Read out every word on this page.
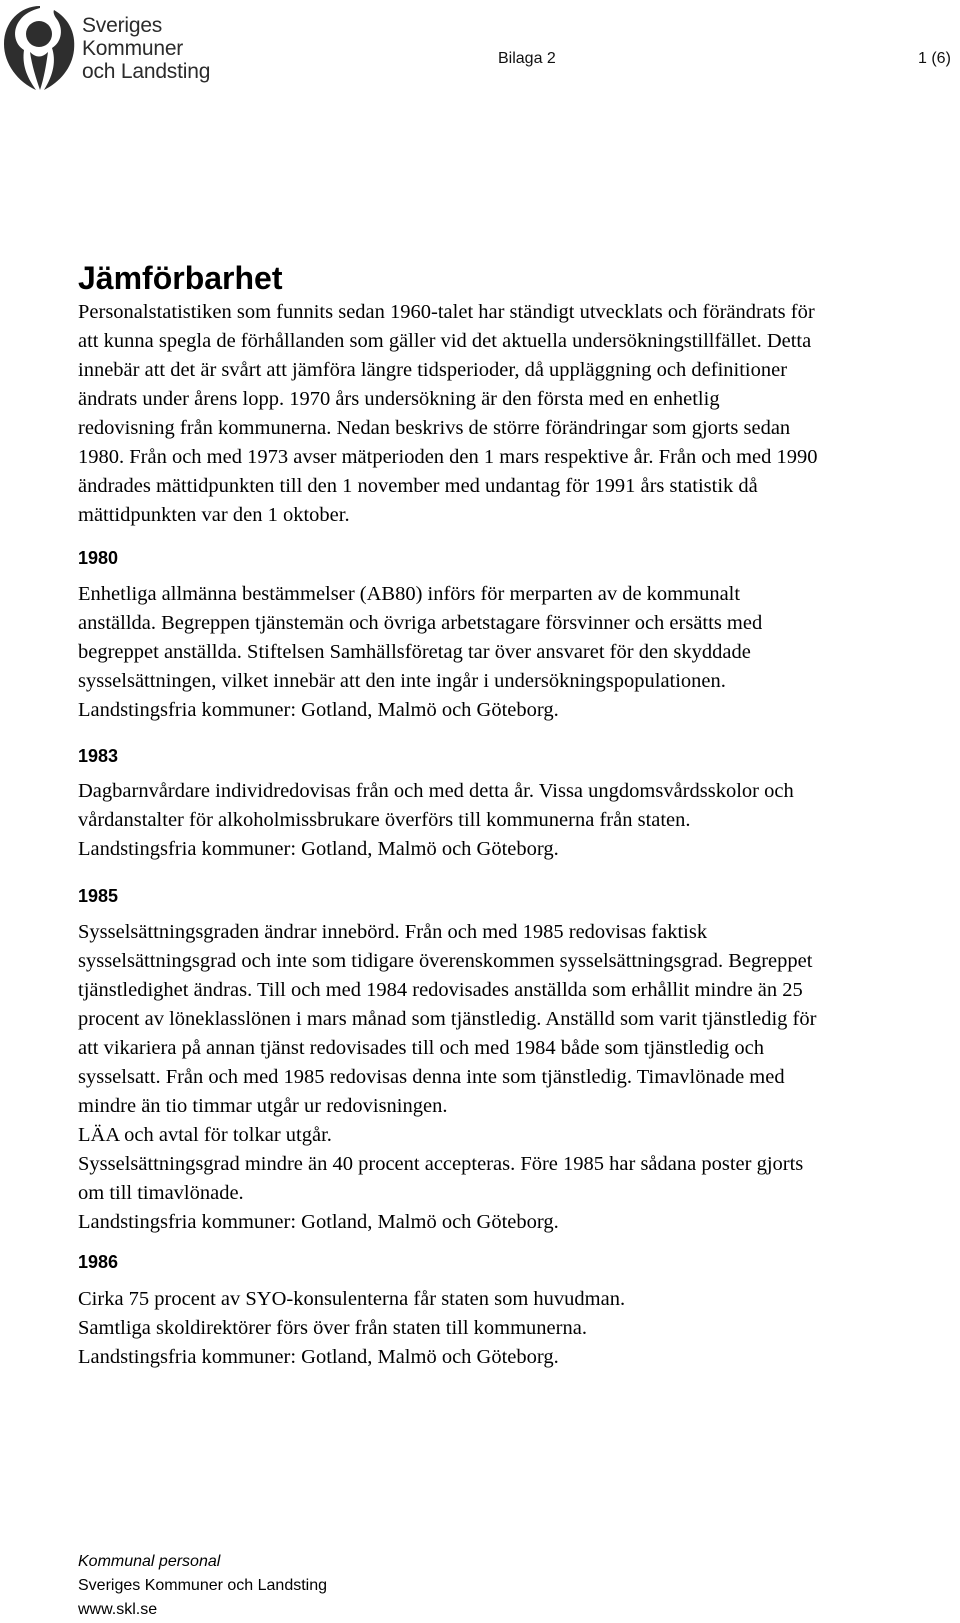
Sveriges
Kommuner
och Landsting
Bilaga 2	1 (6)
Jämförbarhet
Personalstatistiken som funnits sedan 1960-talet har ständigt utvecklats och förändrats för
att kunna spegla de förhållanden som gäller vid det aktuella undersökningstillfället. Detta
innebär att det är svårt att jämföra längre tidsperioder, då uppläggning och definitioner
ändrats under årens lopp. 1970 års undersökning är den första med en enhetlig
redovisning från kommunerna. Nedan beskrivs de större förändringar som gjorts sedan
1980. Från och med 1973 avser mätperioden den 1 mars respektive år. Från och med 1990
ändrades mättidpunkten till den 1 november med undantag för 1991 års statistik då
mättidpunkten var den 1 oktober.
1980
Enhetliga allmänna bestämmelser (AB80) införs för merparten av de kommunalt
anställda. Begreppen tjänstemän och övriga arbetstagare försvinner och ersätts med
begreppet anställda. Stiftelsen Samhällsföretag tar över ansvaret för den skyddade
sysselsättningen, vilket innebär att den inte ingår i undersökningspopulationen.
Landstingsfria kommuner: Gotland, Malmö och Göteborg.
1983
Dagbarnvårdare individredovisas från och med detta år. Vissa ungdomsvårdsskolor och
vårdanstalter för alkoholmissbrukare överförs till kommunerna från staten.
Landstingsfria kommuner: Gotland, Malmö och Göteborg.
1985
Sysselsättningsgraden ändrar innebörd. Från och med 1985 redovisas faktisk
sysselsättningsgrad och inte som tidigare överenskommen sysselsättningsgrad. Begreppet
tjänstledighet ändras. Till och med 1984 redovisades anställda som erhållit mindre än 25
procent av löneklasslönen i mars månad som tjänstledig. Anställd som varit tjänstledig för
att vikariera på annan tjänst redovisades till och med 1984 både som tjänstledig och
sysselsatt. Från och med 1985 redovisas denna inte som tjänstledig. Timavlönade med
mindre än tio timmar utgår ur redovisningen.
LÄA och avtal för tolkar utgår.
Sysselsättningsgrad mindre än 40 procent accepteras. Före 1985 har sådana poster gjorts
om till timavlönade.
Landstingsfria kommuner: Gotland, Malmö och Göteborg.
1986
Cirka 75 procent av SYO-konsulenterna får staten som huvudman.
Samtliga skoldirektörer förs över från staten till kommunerna.
Landstingsfria kommuner: Gotland, Malmö och Göteborg.
Kommunal personal
Sveriges Kommuner och Landsting
www.skl.se
